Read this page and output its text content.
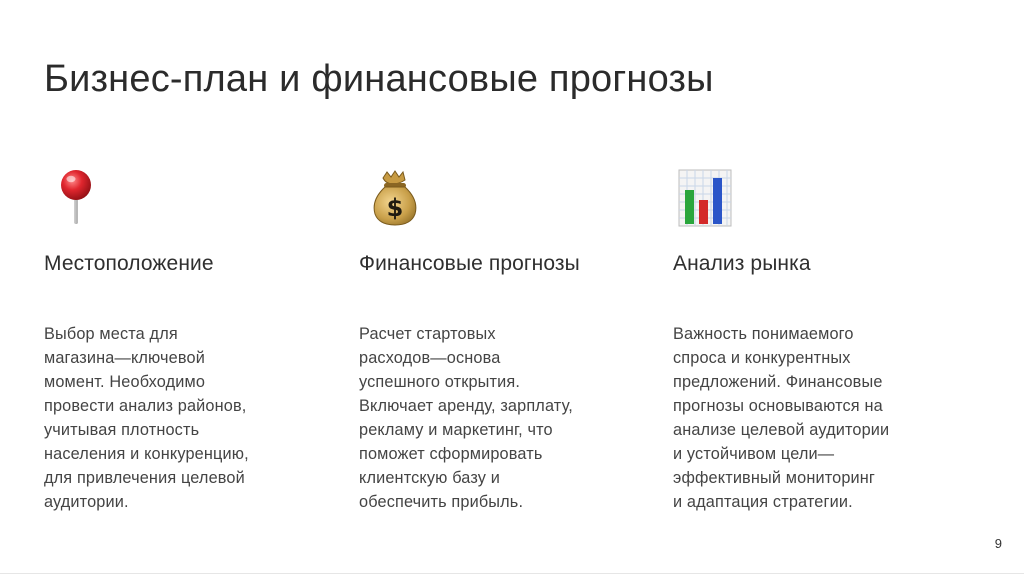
Бизнес-план и финансовые прогнозы
Местоположение

Выбор места для
магазина—ключевой
момент. Необходимо
провести анализ районов,
учитывая плотность
населения и конкуренцию,
для привлечения целевой
аудитории.

$
Финансовые прогнозы

Расчет стартовых
расходов—основа
успешного открытия.
Включает аренду, зарплату,
рекламу и маркетинг, что
поможет сформировать
клиентскую базу и
обеспечить прибыль.

Анализ рынка

Важность понимаемого
спроса и конкурентных
предложений. Финансовые
прогнозы основываются на
анализе целевой аудитории
и устойчивом цели—
эффективный мониторинг
и адаптация стратегии.

9
